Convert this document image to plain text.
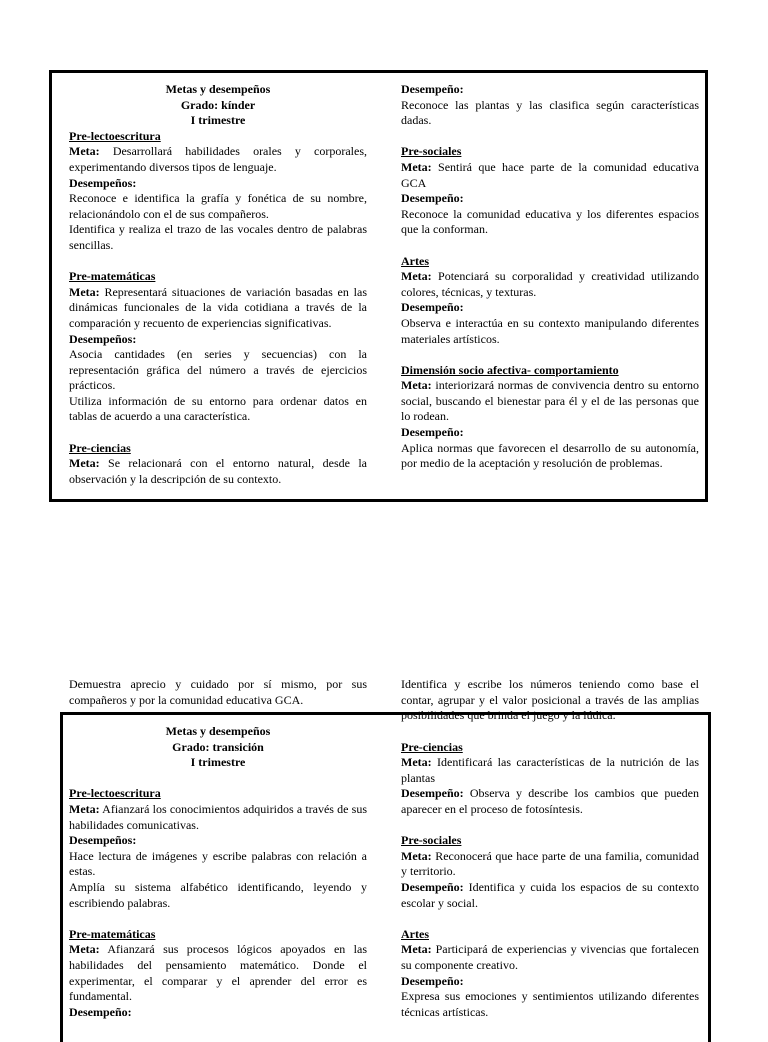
Metas y desempeños

Grado: kínder

I trimestre

Pre-lectoescritura

Meta: Desarrollará habilidades orales y corporales, experimentando diversos tipos de lenguaje.

Desempeños:

Reconoce e identifica la grafía y fonética de su nombre, relacionándolo con el de sus compañeros.

Identifica y realiza el trazo de las vocales dentro de palabras sencillas.

Pre-matemáticas

Meta: Representará situaciones de variación basadas en las dinámicas funcionales de la vida cotidiana a través de la comparación y recuento de experiencias significativas.

Desempeños:

Asocia cantidades (en series y secuencias) con la representación gráfica del número a través de ejercicios prácticos.

Utiliza información de su entorno para ordenar datos en tablas de acuerdo a una característica.

Pre-ciencias

Meta: Se relacionará con el entorno natural, desde la observación y la descripción de su contexto.

Desempeño:

Reconoce las plantas y las clasifica según características dadas.

Pre-sociales

Meta: Sentirá que hace parte de la comunidad educativa GCA

Desempeño:

Reconoce la comunidad educativa y los diferentes espacios que la conforman.

Artes

Meta: Potenciará su corporalidad y creatividad utilizando colores, técnicas, y texturas.

Desempeño:

Observa e interactúa en su contexto manipulando diferentes materiales artísticos.

Dimensión socio afectiva- comportamiento

Meta: interiorizará normas de convivencia dentro su entorno social, buscando el bienestar para él y el de las personas que lo rodean.

Desempeño:

Aplica normas que favorecen el desarrollo de su autonomía, por medio de la aceptación y resolución de problemas.

Demuestra aprecio y cuidado por sí mismo, por sus compañeros y por la comunidad educativa GCA.

Identifica y escribe los números teniendo como base el contar, agrupar y el valor posicional a través de las amplias posibilidades que brinda el juego y la lúdica.

Metas y desempeños

Grado: transición

I trimestre

Pre-lectoescritura

Meta: Afianzará los conocimientos adquiridos a través de sus habilidades comunicativas.

Desempeños:

Hace lectura de imágenes y escribe palabras con relación a estas.

Amplía su sistema alfabético identificando, leyendo y escribiendo palabras.

Pre-matemáticas

Meta: Afianzará sus procesos lógicos apoyados en las habilidades del pensamiento matemático. Donde el experimentar, el comparar y el aprender del error es fundamental.

Desempeño:

Pre-ciencias

Meta: Identificará las características de la nutrición de las plantas

Desempeño: Observa y describe los cambios que pueden aparecer en el proceso de fotosíntesis.

Pre-sociales

Meta: Reconocerá que hace parte de una familia, comunidad y territorio.

Desempeño: Identifica y cuida los espacios de su contexto escolar y social.

Artes

Meta: Participará de experiencias y vivencias que fortalecen su componente creativo.

Desempeño:

Expresa sus emociones y sentimientos utilizando diferentes técnicas artísticas.
